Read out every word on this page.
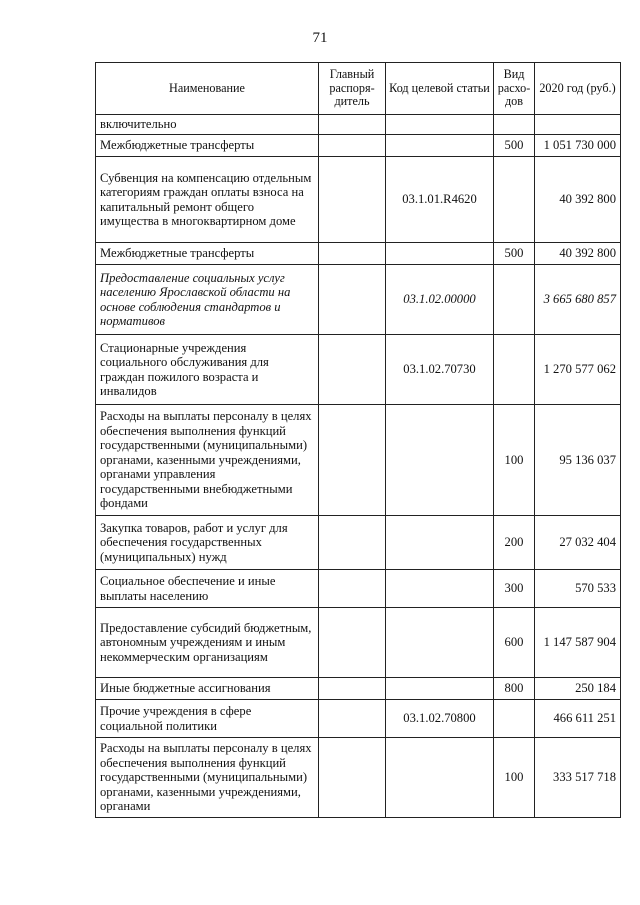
71
Наименование	Главный распоря-дитель	Код целевой статьи	Вид расхо-дов	2020 год (руб.)
включительно				
Межбюджетные трансферты			500	1 051 730 000
Субвенция на компенсацию отдельным категориям граждан оплаты взноса на капитальный ремонт общего имущества в многоквартирном доме		03.1.01.R4620		40 392 800
Межбюджетные трансферты			500	40 392 800
Предоставление социальных услуг населению Ярославской области на основе соблюдения стандартов и нормативов		03.1.02.00000		3 665 680 857
Стационарные учреждения социального обслуживания для граждан пожилого возраста и инвалидов		03.1.02.70730		1 270 577 062
Расходы на выплаты персоналу в целях обеспечения выполнения функций государственными (муниципальными) органами, казенными учреждениями, органами управления государственными внебюджетными фондами			100	95 136 037
Закупка товаров, работ и услуг для обеспечения государственных (муниципальных) нужд			200	27 032 404
Социальное обеспечение и иные выплаты населению			300	570 533
Предоставление субсидий бюджетным, автономным учреждениям и иным некоммерческим организациям			600	1 147 587 904
Иные бюджетные ассигнования			800	250 184
Прочие учреждения в сфере социальной политики		03.1.02.70800		466 611 251
Расходы на выплаты персоналу в целях обеспечения выполнения функций государственными (муниципальными) органами, казенными учреждениями, органами			100	333 517 718
